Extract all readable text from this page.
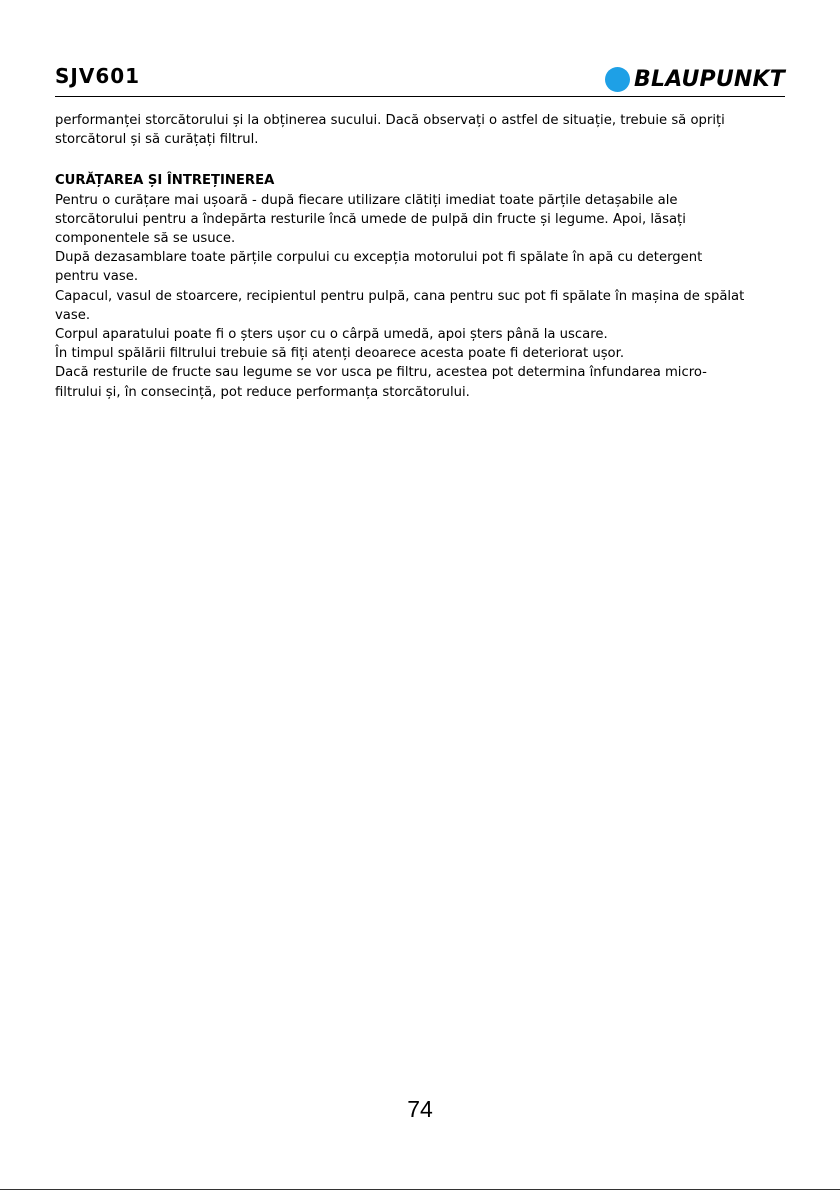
SJV601	BLAUPUNKT

performanței storcătorului și la obținerea sucului. Dacă observați o astfel de situație, trebuie să opriți

storcătorul și să curățați filtrul.

CURĂȚAREA ȘI ÎNTREȚINEREA

Pentru o curățare mai ușoară - după fiecare utilizare clătiți imediat toate părțile detașabile ale

storcătorului pentru a îndepărta resturile încă umede de pulpă din fructe și legume. Apoi, lăsați

componentele să se usuce.

După dezasamblare toate părțile corpului cu excepția motorului pot fi spălate în apă cu detergent

pentru vase.

Capacul, vasul de stoarcere, recipientul pentru pulpă, cana pentru suc pot fi spălate în mașina de spălat

vase.

Corpul aparatului poate fi o șters ușor cu o cârpă umedă, apoi șters până la uscare.

În timpul spălării filtrului trebuie să fiți atenți deoarece acesta poate fi deteriorat ușor.

Dacă resturile de fructe sau legume se vor usca pe filtru, acestea pot determina înfundarea micro-

filtrului și, în consecință, pot reduce performanța storcătorului.

74
